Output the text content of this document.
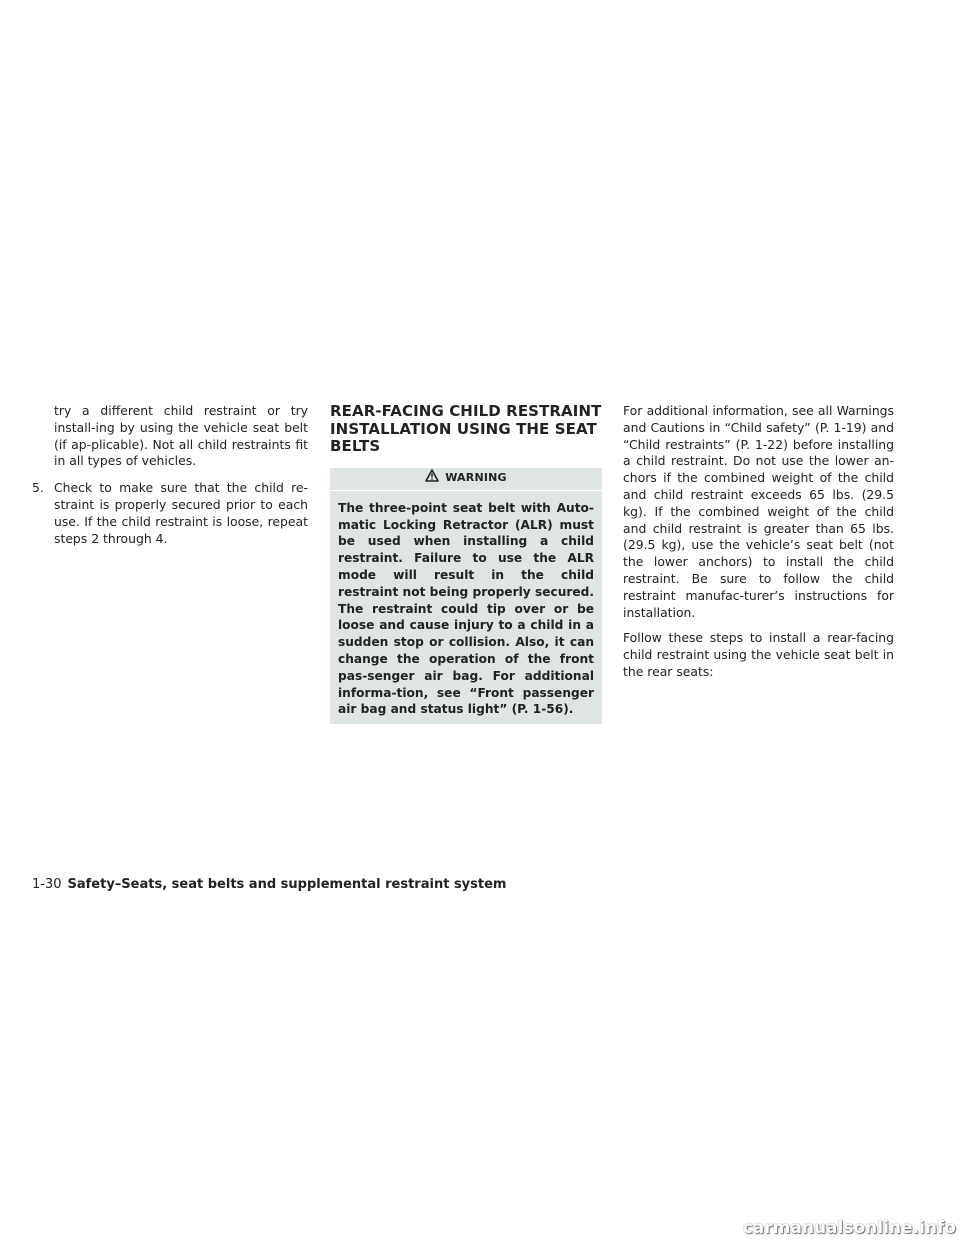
try a different child restraint or try install-ing by using the vehicle seat belt (if ap-plicable). Not all child restraints fit in all types of vehicles.

5. Check to make sure that the child re-straint is properly secured prior to each use. If the child restraint is loose, repeat steps 2 through 4.
REAR-FACING CHILD RESTRAINT INSTALLATION USING THE SEAT BELTS
WARNING
The three-point seat belt with Auto-matic Locking Retractor (ALR) must be used when installing a child restraint. Failure to use the ALR mode will result in the child restraint not being properly secured. The restraint could tip over or be loose and cause injury to a child in a sudden stop or collision. Also, it can change the operation of the front pas-senger air bag. For additional informa-tion, see “Front passenger air bag and status light” (P. 1-56).

For additional information, see all Warnings and Cautions in “Child safety” (P. 1-19) and “Child restraints” (P. 1-22) before installing a child restraint. Do not use the lower an-chors if the combined weight of the child and child restraint exceeds 65 lbs. (29.5 kg). If the combined weight of the child and child restraint is greater than 65 lbs. (29.5 kg), use the vehicle’s seat belt (not the lower anchors) to install the child restraint. Be sure to follow the child restraint manufac-turer’s instructions for installation.

Follow these steps to install a rear-facing child restraint using the vehicle seat belt in the rear seats:

1-30 Safety–Seats, seat belts and supplemental restraint system
carmanualsonline.info
